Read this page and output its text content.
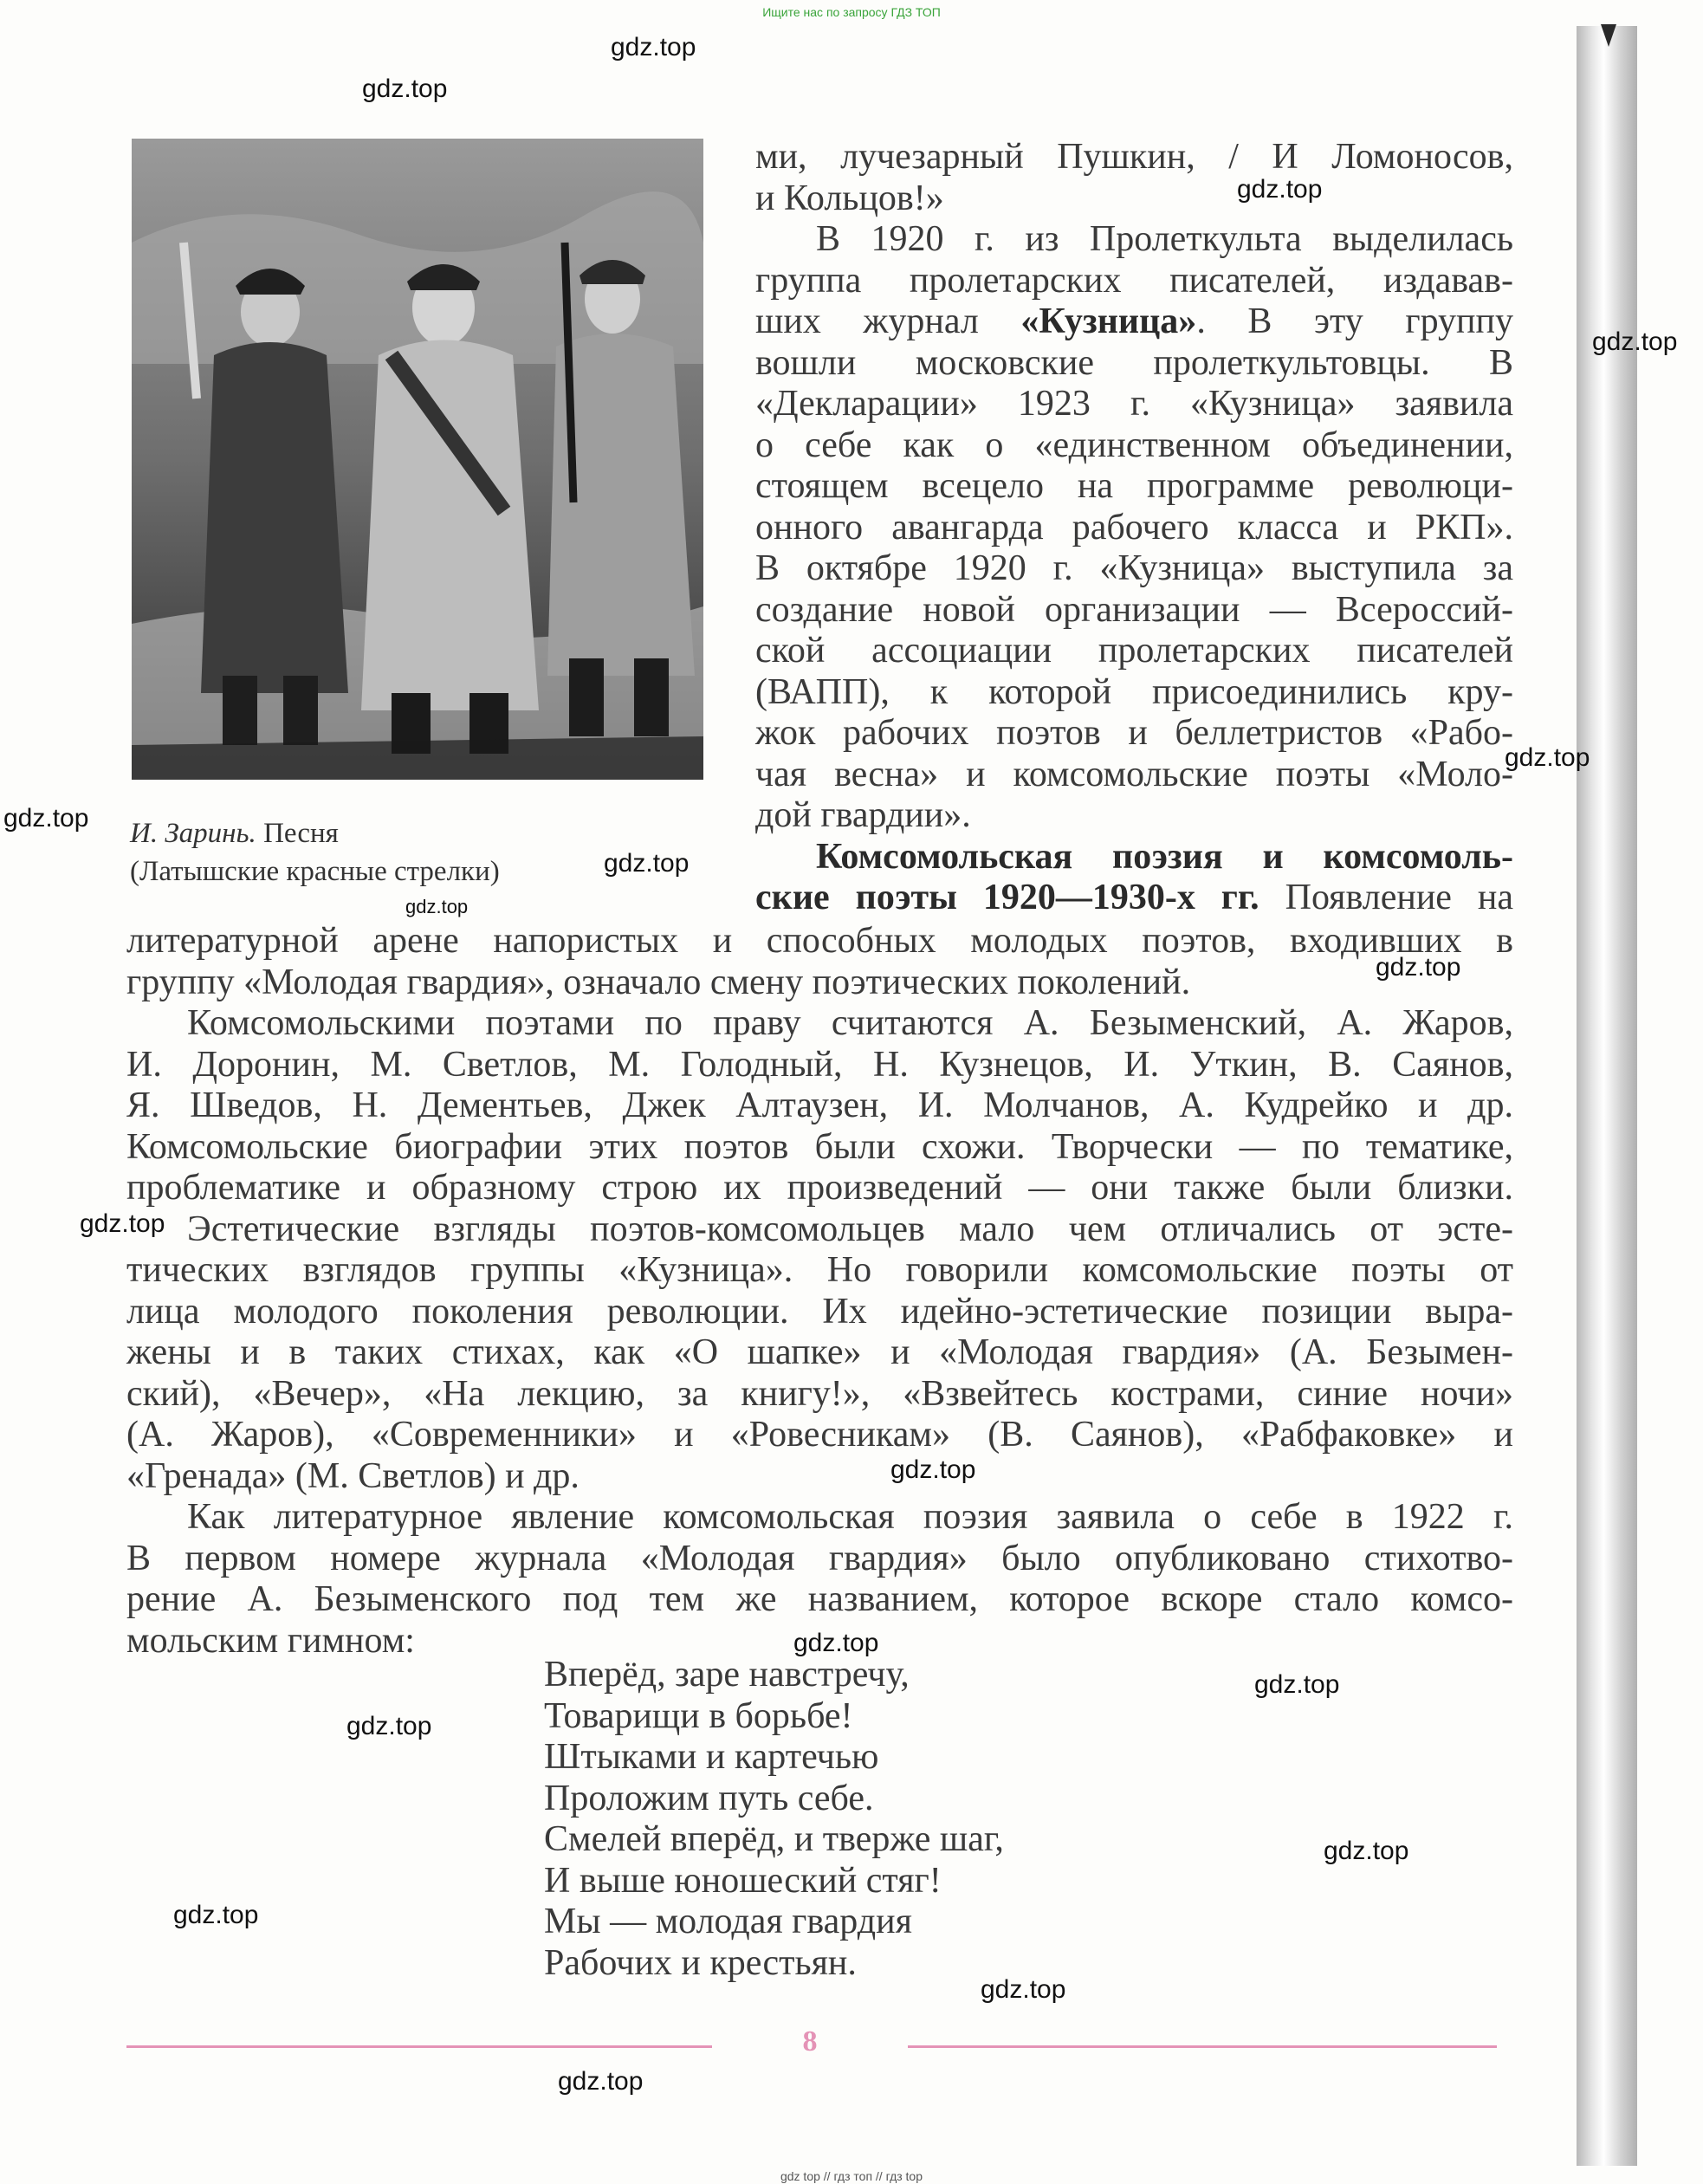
Ищите нас по запросу ГДЗ ТОП
gdz.top
gdz.top
gdz.top
gdz.top
gdz.top
gdz.top
gdz.top
gdz.top
gdz.top
gdz.top
gdz.top
gdz.top
gdz.top
gdz.top
gdz.top
gdz.top
gdz.top
gdz.top
И. Заринь. Песня
(Латышские красные стрелки)
ми, лучезарный Пушкин, / И Ломоносов,
и Кольцов!»
В 1920 г. из Пролеткульта выделилась
группа пролетарских писателей, издавав-
ших журнал «Кузница». В эту группу
вошли московские пролеткультовцы. В
«Декларации» 1923 г. «Кузница» заявила
о себе как о «единственном объединении,
стоящем всецело на программе революци-
онного авангарда рабочего класса и РКП».
В октябре 1920 г. «Кузница» выступила за
создание новой организации — Всероссий-
ской ассоциации пролетарских писателей
(ВАПП), к которой присоединились кру-
жок рабочих поэтов и беллетристов «Рабо-
чая весна» и комсомольские поэты «Моло-
дой гвардии».
Комсомольская поэзия и комсомоль-
ские поэты 1920—1930-х гг. Появление на
литературной арене напористых и способных молодых поэтов, входивших в
группу «Молодая гвардия», означало смену поэтических поколений.
Комсомольскими поэтами по праву считаются А. Безыменский, А. Жаров,
И. Доронин, М. Светлов, М. Голодный, Н. Кузнецов, И. Уткин, В. Саянов,
Я. Шведов, Н. Дементьев, Джек Алтаузен, И. Молчанов, А. Кудрейко и др.
Комсомольские биографии этих поэтов были схожи. Творчески — по тематике,
проблематике и образному строю их произведений — они также были близки.
Эстетические взгляды поэтов-комсомольцев мало чем отличались от эсте-
тических взглядов группы «Кузница». Но говорили комсомольские поэты от
лица молодого поколения революции. Их идейно-эстетические позиции выра-
жены и в таких стихах, как «О шапке» и «Молодая гвардия» (А. Безымен-
ский), «Вечер», «На лекцию, за книгу!», «Взвейтесь кострами, синие ночи»
(А. Жаров), «Современники» и «Ровесникам» (В. Саянов), «Рабфаковке» и
«Гренада» (М. Светлов) и др.
Как литературное явление комсомольская поэзия заявила о себе в 1922 г.
В первом номере журнала «Молодая гвардия» было опубликовано стихотво-
рение А. Безыменского под тем же названием, которое вскоре стало комсо-
мольским гимном:
Вперёд, заре навстречу,
Товарищи в борьбе!
Штыками и картечью
Проложим путь себе.
Смелей вперёд, и тверже шаг,
И выше юношеский стяг!
Мы — молодая гвардия
Рабочих и крестьян.
8
gdz top // гдз топ // гдз top
